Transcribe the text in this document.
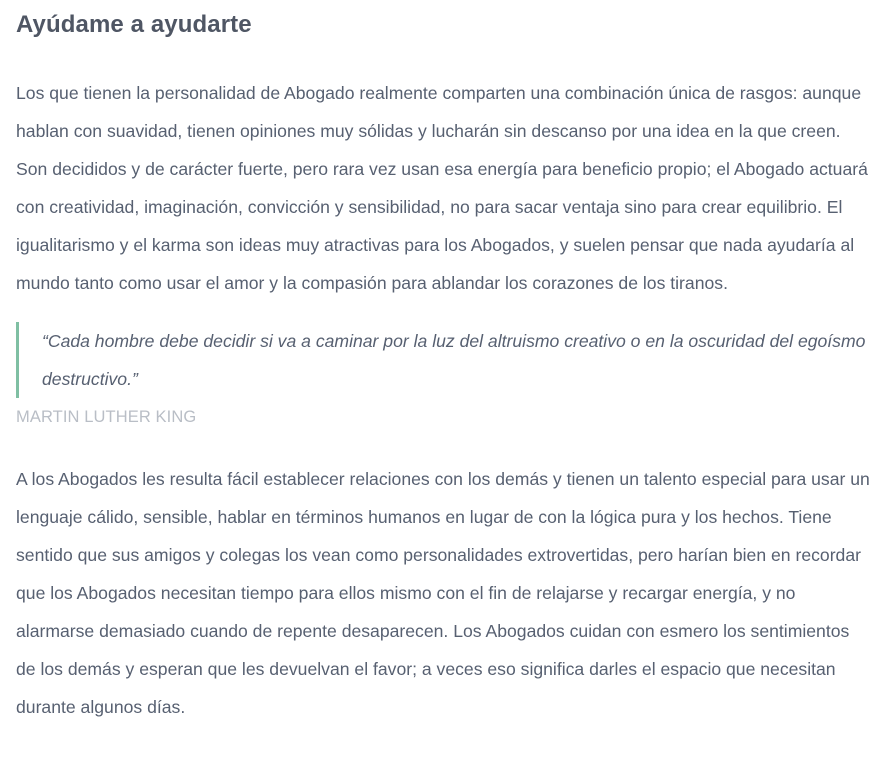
Ayúdame a ayudarte

Los que tienen la personalidad de Abogado realmente comparten una combinación única de rasgos: aunque hablan con suavidad, tienen opiniones muy sólidas y lucharán sin descanso por una idea en la que creen. Son decididos y de carácter fuerte, pero rara vez usan esa energía para beneficio propio; el Abogado actuará con creatividad, imaginación, convicción y sensibilidad, no para sacar ventaja sino para crear equilibrio. El igualitarismo y el karma son ideas muy atractivas para los Abogados, y suelen pensar que nada ayudaría al mundo tanto como usar el amor y la compasión para ablandar los corazones de los tiranos.

“Cada hombre debe decidir si va a caminar por la luz del altruismo creativo o en la oscuridad del egoísmo destructivo.”

MARTIN LUTHER KING

A los Abogados les resulta fácil establecer relaciones con los demás y tienen un talento especial para usar un lenguaje cálido, sensible, hablar en términos humanos en lugar de con la lógica pura y los hechos. Tiene sentido que sus amigos y colegas los vean como personalidades extrovertidas, pero harían bien en recordar que los Abogados necesitan tiempo para ellos mismo con el fin de relajarse y recargar energía, y no alarmarse demasiado cuando de repente desaparecen. Los Abogados cuidan con esmero los sentimientos de los demás y esperan que les devuelvan el favor; a veces eso significa darles el espacio que necesitan durante algunos días.
